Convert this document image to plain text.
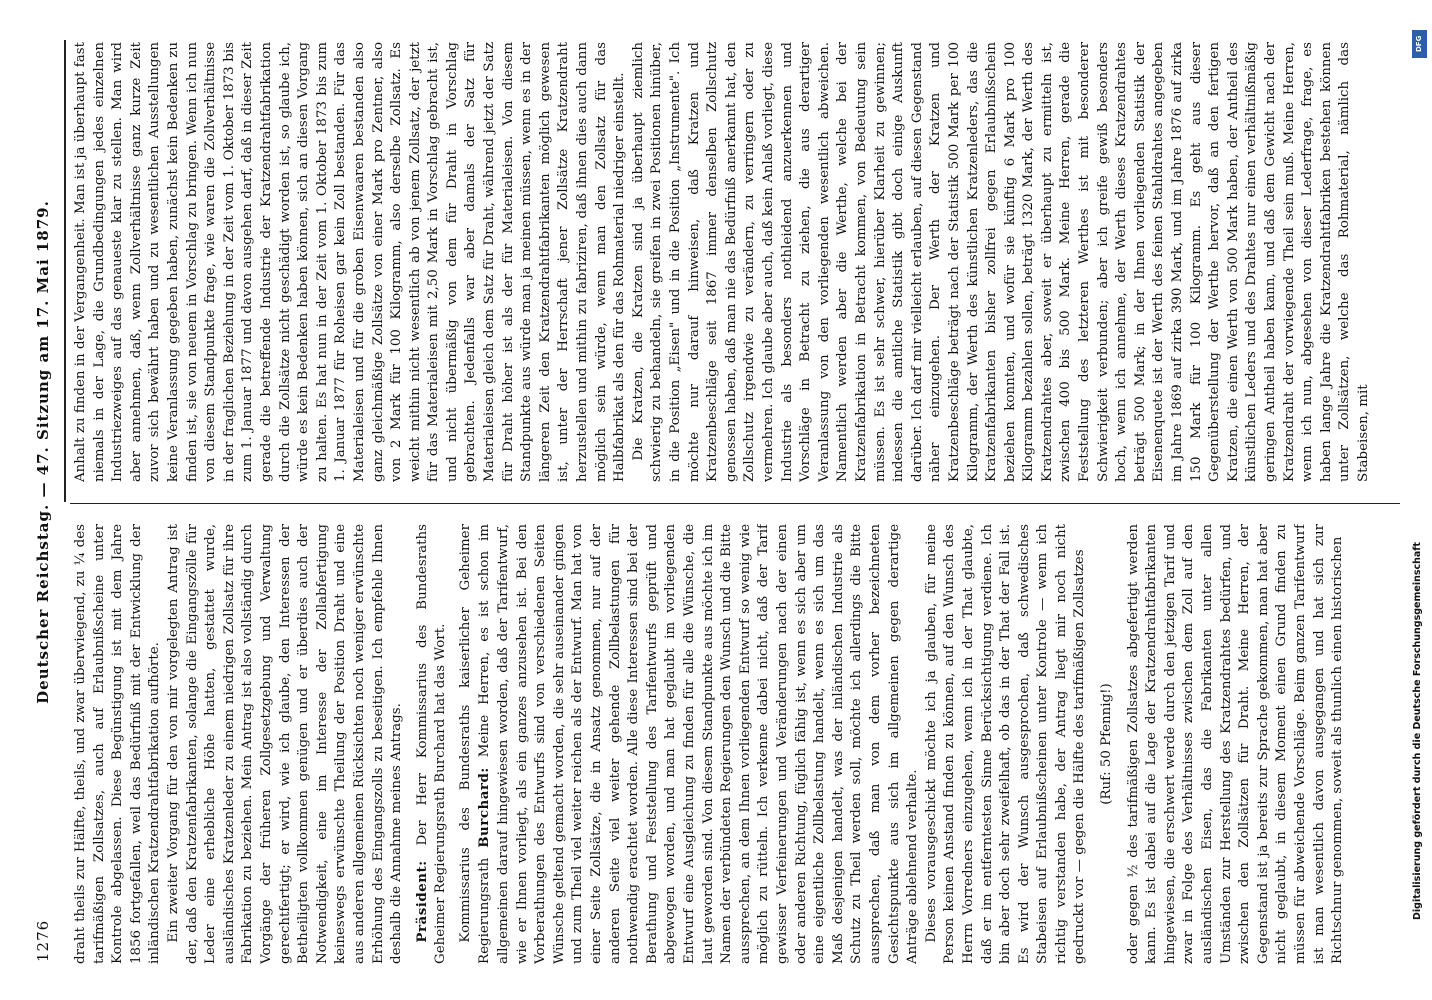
1276
Deutscher Reichstag. — 47. Sitzung am 17. Mai 1879.

draht theils zur Hälfte, theils, und zwar überwiegend, zu ¼ des tarifmäßigen Zollsatzes, auch auf Erlaubnißscheine unter Kontrole abgelassen. Diese Begünstigung ist mit dem Jahre 1856 fortgefallen, weil das Bedürfniß mit der Entwicklung der inländischen Kratzendrahtfabrikation aufhörte. Ein zweiter Vorgang für den von mir vorgelegten Antrag ist der, daß den Kratzenfabrikanten, solange die Eingangszölle für Leder eine erhebliche Höhe hatten, gestattet wurde, ausländisches Kratzenleder zu einem niedrigen Zollsatz für ihre Fabrikation zu beziehen. Mein Antrag ist also vollständig durch Vorgänge der früheren Zollgesetzgebung und Verwaltung gerechtfertigt; er wird, wie ich glaube, den Interessen der Betheiligten vollkommen genügen und er überdies auch der Notwendigkeit, eine im Interesse der Zollabfertigung keineswegs erwünschte Theilung der Position Draht und eine aus anderen allgemeinen Rücksichten noch weniger erwünschte Erhöhung des Eingangszolls zu beseitigen. Ich empfehle Ihnen deshalb die Annahme meines Antrags. Präsident: Der Herr Kommissarius des Bundesraths Geheimer Regierungsrath Burchard hat das Wort. Kommissarius des Bundesraths kaiserlicher Geheimer Regierungsrath Burchard: Meine Herren, es ist schon im allgemeinen darauf hingewiesen worden, daß der Tarifentwurf, wie er Ihnen vorliegt, als ein ganzes anzusehen ist. Bei den Vorberathungen des Entwurfs sind von verschiedenen Seiten Wünsche geltend gemacht worden, die sehr auseinander gingen und zum Theil viel weiter reichen als der Entwurf. Man hat von einer Seite Zollsätze, die in Ansatz genommen, nur auf der anderen Seite viel weiter gehende Zollbelastungen für nothwendig erachtet worden. Alle diese Interessen sind bei der Berathung und Feststellung des Tarifentwurfs geprüft und abgewogen worden, und man hat geglaubt im vorliegenden Entwurf eine Ausgleichung zu finden für alle die Wünsche, die laut geworden sind. Von diesem Standpunkte aus möchte ich im Namen der verbündeten Regierungen den Wunsch und die Bitte aussprechen, an dem Ihnen vorliegenden Entwurf so wenig wie möglich zu rütteln. Ich verkenne dabei nicht, daß der Tarif gewisser Verfeinerungen und Veränderungen nach der einen oder anderen Richtung, füglich fähig ist, wenn es sich aber um eine eigentliche Zollbelastung handelt, wenn es sich um das Maß desjenigen handelt, was der inländischen Industrie als Schutz zu Theil werden soll, möchte ich allerdings die Bitte aussprechen, daß man von dem vorher bezeichneten Gesichtspunkte aus sich im allgemeinen gegen derartige Anträge ablehnend verhalte. Dieses vorausgeschickt möchte ich ja glauben, für meine Person keinen Anstand finden zu können, auf den Wunsch des Herrn Vorredners einzugehen, wenn ich in der That glaubte, daß er im entferntesten Sinne Berücksichtigung verdiene. Ich bin aber doch sehr zweifelhaft, ob das in der That der Fall ist. Es wird der Wunsch ausgesprochen, daß schwedisches Stabeisen auf Erlaubnißscheinen unter Kontrole — wenn ich richtig verstanden habe, der Antrag liegt mir noch nicht gedruckt vor — gegen die Hälfte des tarifmäßigen Zollsatzes (Ruf: 50 Pfennig!) oder gegen ½ des tarifmäßigen Zollsatzes abgefertigt werden kann. Es ist dabei auf die Lage der Kratzendrahtfabrikanten hingewiesen, die erschwert werde durch den jetzigen Tarif und zwar in Folge des Verhältnisses zwischen dem Zoll auf den ausländischen Eisen, das die Fabrikanten unter allen Umständen zur Herstellung des Kratzendrahtes bedürfen, und zwischen den Zollsätzen für Draht. Meine Herren, der Gegenstand ist ja bereits zur Sprache gekommen, man hat aber nicht geglaubt, in diesem Moment einen Grund finden zu müssen für abweichende Vorschläge. Beim ganzen Tarifentwurf ist man wesentlich davon ausgegangen und hat sich zur Richtschnur genommen, soweit als thunlich einen historischen

Anhalt zu finden in der Vergangenheit. Man ist ja überhaupt fast niemals in der Lage, die Grundbedingungen jedes einzelnen Industriezweiges auf das genaueste klar zu stellen. Man wird aber annehmen, daß, wenn Zollverhältnisse ganz kurze Zeit zuvor sich bewährt haben und zu wesentlichen Ausstellungen keine Veranlassung gegeben haben, zunächst kein Bedenken zu finden ist, sie von neuem in Vorschlag zu bringen. Wenn ich nun von diesem Standpunkte frage, wie waren die Zollverhältnisse in der fraglichen Beziehung in der Zeit vom 1. Oktober 1873 bis zum 1. Januar 1877 und davon ausgehen darf, daß in dieser Zeit gerade die betreffende Industrie der Kratzendrahtfabrikation durch die Zollsätze nicht geschädigt worden ist, so glaube ich, würde es kein Bedenken haben können, sich an diesen Vorgang zu halten. Es hat nun in der Zeit vom 1. Oktober 1873 bis zum 1. Januar 1877 für Roheisen gar kein Zoll bestanden. Für das Materialeisen und für die groben Eisenwaaren bestanden also ganz gleichmäßige Zollsätze von einer Mark pro Zentner, also von 2 Mark für 100 Kilogramm, also derselbe Zollsatz. Es weicht mithin nicht wesentlich ab von jenem Zollsatz, der jetzt für das Materialeisen mit 2,50 Mark in Vorschlag gebracht ist, und nicht übermäßig von dem für Draht in Vorschlag gebrachten. Jedenfalls war aber damals der Satz für Materialeisen gleich dem Satz für Draht, während jetzt der Satz für Draht höher ist als der für Materialeisen. Von diesem Standpunkte aus würde man ja meinen müssen, wenn es in der längeren Zeit den Kratzendrahtfabrikanten möglich gewesen ist, unter der Herrschaft jener Zollsätze Kratzendraht herzustellen und mithin zu fabriziren, daß ihnen dies auch dann möglich sein würde, wenn man den Zollsatz für das Halbfabrikat als den für das Rohmaterial niedriger einstellt. Die Kratzen, die Kratzen sind ja überhaupt ziemlich schwierig zu behandeln, sie greifen in zwei Positionen hinüber, in die Position „Eisen" und in die Position „Instrumente". Ich möchte nur darauf hinweisen, daß Kratzen und Kratzenbeschläge seit 1867 immer denselben Zollschutz genossen haben, daß man nie das Bedürfniß anerkannt hat, den Zollschutz irgendwie zu verändern, zu verringern oder zu vermehren. Ich glaube aber auch, daß kein Anlaß vorliegt, diese Industrie als besonders nothleidend anzuerkennen und Vorschläge in Betracht zu ziehen, die aus derartiger Veranlassung von den vorliegenden wesentlich abweichen. Namentlich werden aber die Werthe, welche bei der Kratzenfabrikation in Betracht kommen, von Bedeutung sein müssen. Es ist sehr schwer, hierüber Klarheit zu gewinnen; indessen die amtliche Statistik gibt doch einige Auskunft darüber. Ich darf mir vielleicht erlauben, auf diesen Gegenstand näher einzugehen. Der Werth der Kratzen und Kratzenbeschläge beträgt nach der Statistik 500 Mark per 100 Kilogramm, der Werth des künstlichen Kratzenleders, das die Kratzenfabrikanten bisher zollfrei gegen Erlaubnißschein beziehen konnten, und wofür sie künftig 6 Mark pro 100 Kilogramm bezahlen sollen, beträgt 1320 Mark, der Werth des Kratzendrahtes aber, soweit er überhaupt zu ermitteln ist, zwischen 400 bis 500 Mark. Meine Herren, gerade die Feststellung des letzteren Werthes ist mit besonderer Schwierigkeit verbunden; aber ich greife gewiß besonders hoch, wenn ich annehme, der Werth dieses Kratzendrahtes beträgt 500 Mark; in der Ihnen vorliegenden Statistik der Eisenenquete ist der Werth des feinen Stahldrahtes angegeben im Jahre 1869 auf zirka 390 Mark, und im Jahre 1876 auf zirka 150 Mark für 100 Kilogramm. Es geht aus dieser Gegenüberstellung der Werthe hervor, daß an den fertigen Kratzen, die einen Werth von 500 Mark haben, der Antheil des künstlichen Leders und des Drahtes nur einen verhältnißmäßig geringen Antheil haben kann, und daß dem Gewicht nach der Kratzendraht der vorwiegende Theil sein muß. Meine Herren, wenn ich nun, abgesehen von dieser Lederfrage, frage, es haben lange Jahre die Kratzendrahtfabriken bestehen können unter Zollsätzen, welche das Rohmaterial, nämlich das Stabeisen, mit

DFG
Digitalisierung gefördert durch die Deutsche Forschungsgemeinschaft
